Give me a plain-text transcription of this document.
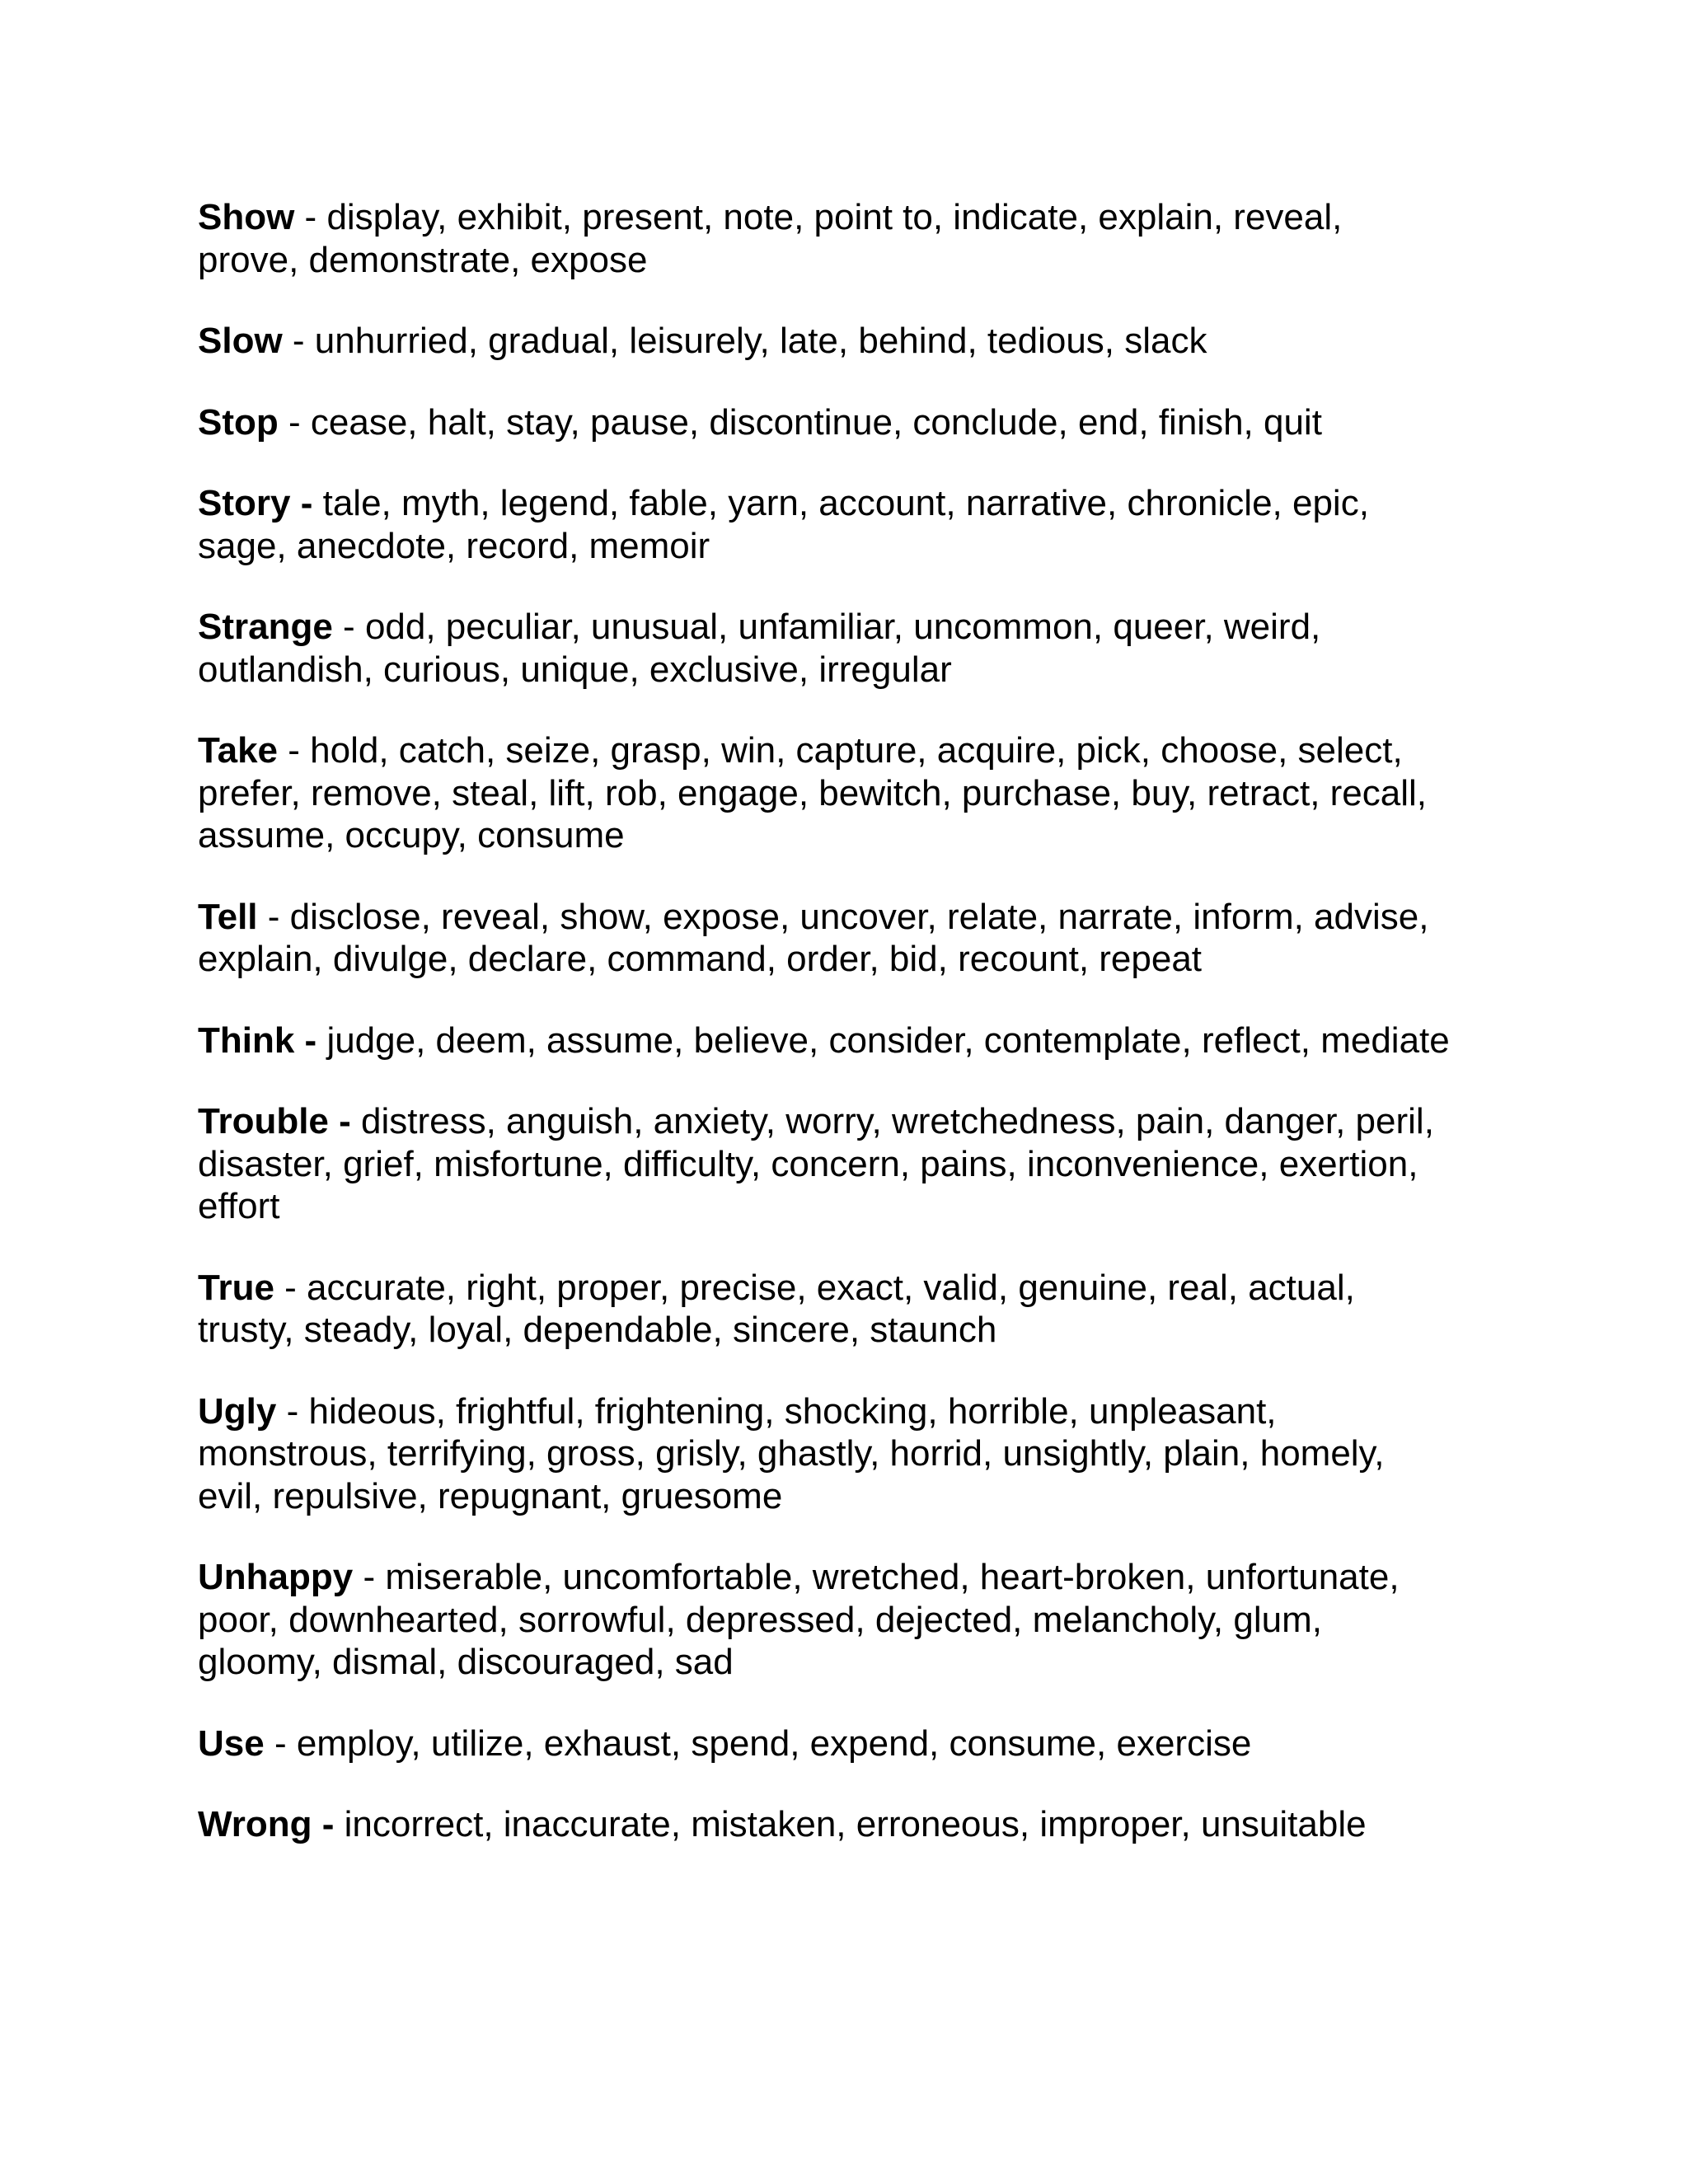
Show - display, exhibit, present, note, point to, indicate, explain, reveal,
prove, demonstrate, expose

Slow - unhurried, gradual, leisurely, late, behind, tedious, slack

Stop - cease, halt, stay, pause, discontinue, conclude, end, finish, quit

Story - tale, myth, legend, fable, yarn, account, narrative, chronicle, epic,
sage, anecdote, record, memoir

Strange - odd, peculiar, unusual, unfamiliar, uncommon, queer, weird,
outlandish, curious, unique, exclusive, irregular

Take - hold, catch, seize, grasp, win, capture, acquire, pick, choose, select,
prefer, remove, steal, lift, rob, engage, bewitch, purchase, buy, retract, recall,
assume, occupy, consume

Tell - disclose, reveal, show, expose, uncover, relate, narrate, inform, advise,
explain, divulge, declare, command, order, bid, recount, repeat

Think - judge, deem, assume, believe, consider, contemplate, reflect, mediate

Trouble - distress, anguish, anxiety, worry, wretchedness, pain, danger, peril,
disaster, grief, misfortune, difficulty, concern, pains, inconvenience, exertion,
effort

True - accurate, right, proper, precise, exact, valid, genuine, real, actual,
trusty, steady, loyal, dependable, sincere, staunch

Ugly - hideous, frightful, frightening, shocking, horrible, unpleasant,
monstrous, terrifying, gross, grisly, ghastly, horrid, unsightly, plain, homely,
evil, repulsive, repugnant, gruesome

Unhappy - miserable, uncomfortable, wretched, heart-broken, unfortunate,
poor, downhearted, sorrowful, depressed, dejected, melancholy, glum,
gloomy, dismal, discouraged, sad

Use - employ, utilize, exhaust, spend, expend, consume, exercise

Wrong - incorrect, inaccurate, mistaken, erroneous, improper, unsuitable
